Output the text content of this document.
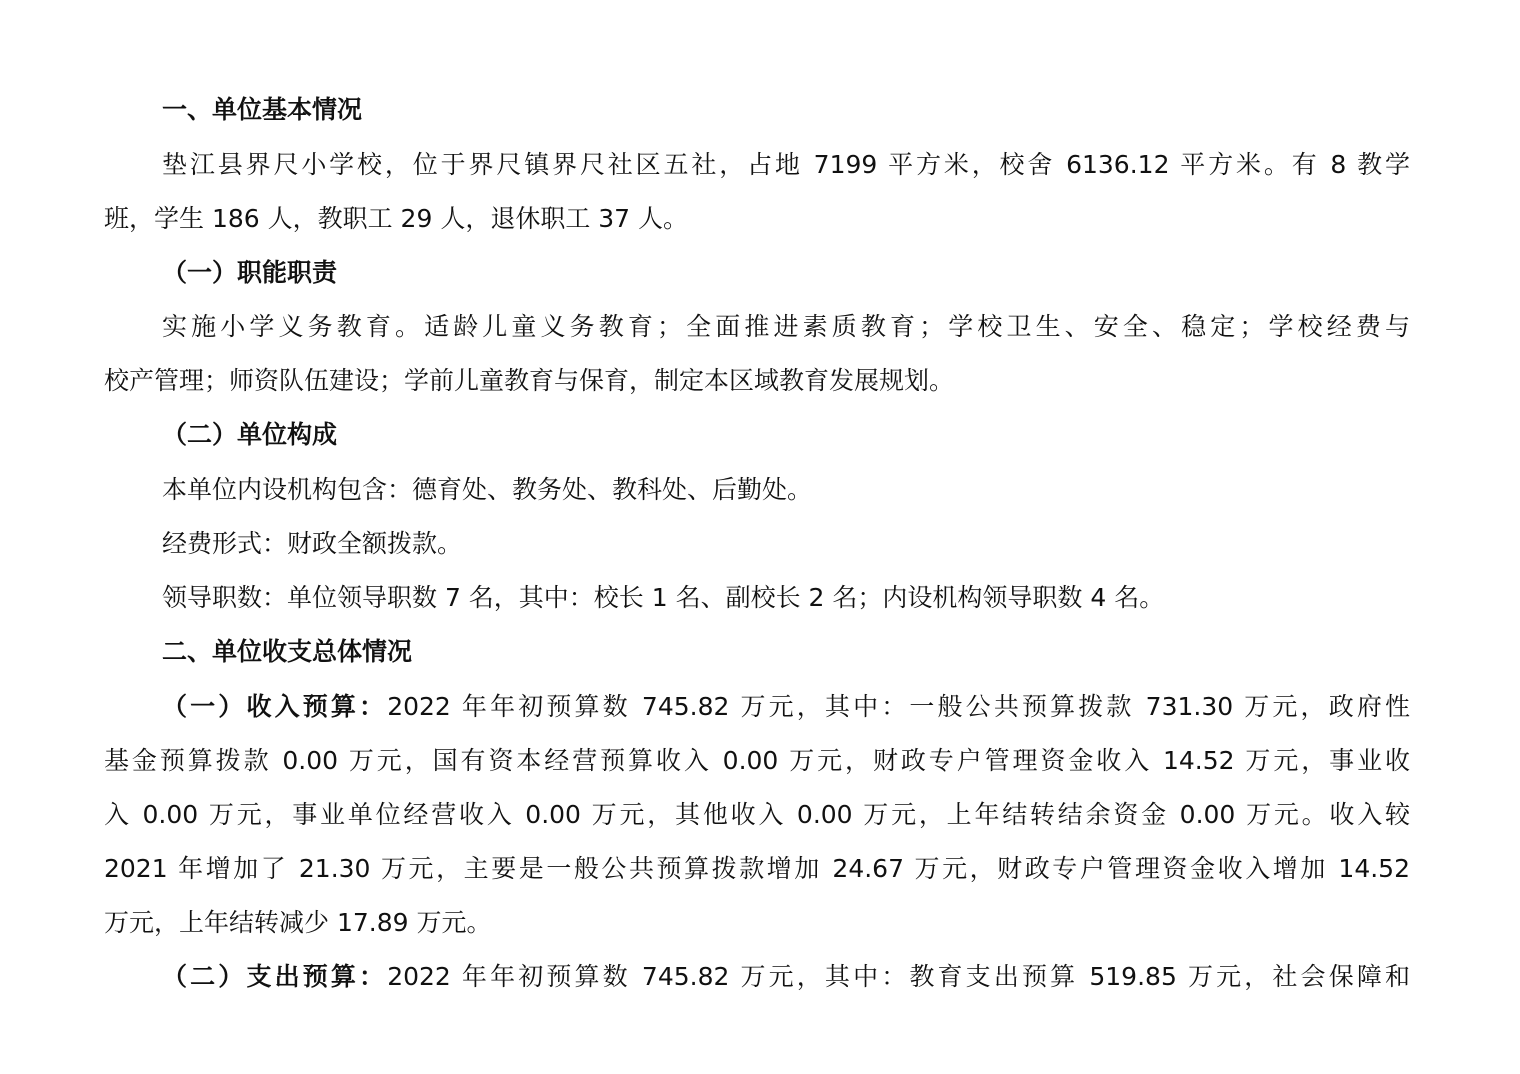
一、单位基本情况
垫江县界尺小学校，位于界尺镇界尺社区五社，占地 7199 平方米，校舍 6136.12 平方米。有 8 教学
班，学生 186 人，教职工 29 人，退休职工 37 人。
（一）职能职责
实施小学义务教育。适龄儿童义务教育；全面推进素质教育；学校卫生、安全、稳定；学校经费与
校产管理；师资队伍建设；学前儿童教育与保育，制定本区域教育发展规划。
（二）单位构成
本单位内设机构包含：德育处、教务处、教科处、后勤处。
经费形式：财政全额拨款。
领导职数：单位领导职数 7 名，其中：校长 1 名、副校长 2 名；内设机构领导职数 4 名。
二、单位收支总体情况
（一）收入预算：2022 年年初预算数 745.82 万元，其中：一般公共预算拨款 731.30 万元，政府性
基金预算拨款 0.00 万元，国有资本经营预算收入 0.00 万元，财政专户管理资金收入 14.52 万元，事业收
入 0.00 万元，事业单位经营收入 0.00 万元，其他收入 0.00 万元，上年结转结余资金 0.00 万元。收入较
2021 年增加了 21.30 万元，主要是一般公共预算拨款增加 24.67 万元，财政专户管理资金收入增加 14.52
万元，上年结转减少 17.89 万元。
（二）支出预算：2022 年年初预算数 745.82 万元，其中：教育支出预算 519.85 万元，社会保障和
